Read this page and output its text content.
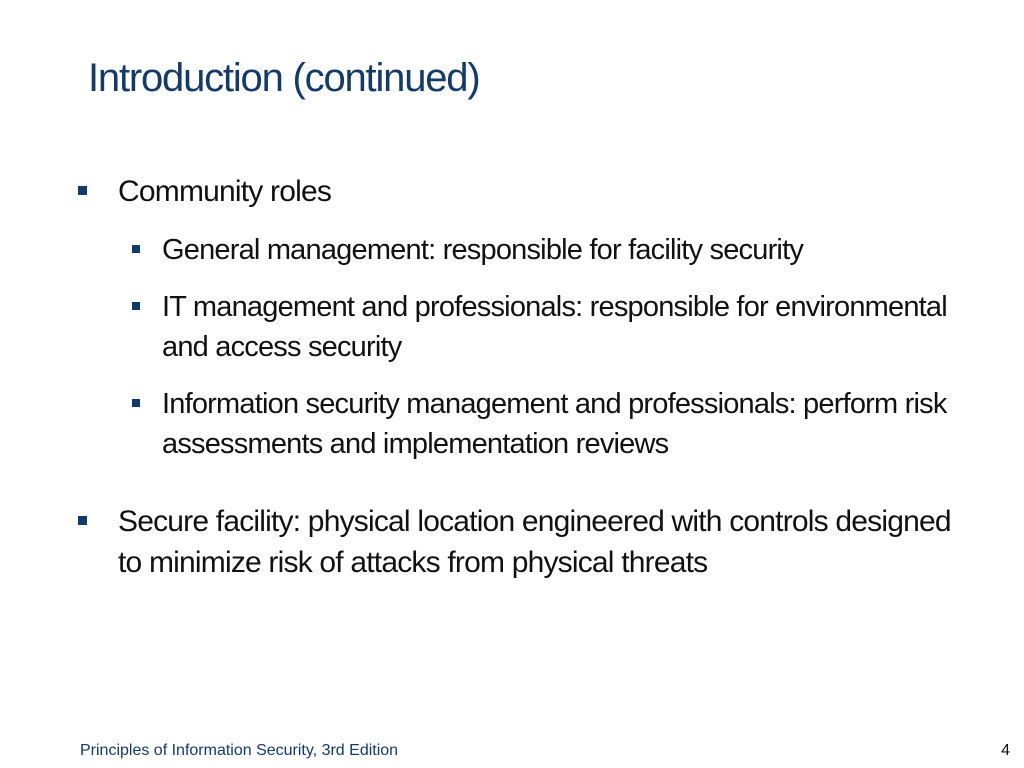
Introduction (continued)
Community roles
General management: responsible for facility security
IT management and professionals: responsible for environmental and access security
Information security management and professionals: perform risk assessments and implementation reviews
Secure facility: physical location engineered with controls designed to minimize risk of attacks from physical threats
Principles of Information Security, 3rd Edition	4
